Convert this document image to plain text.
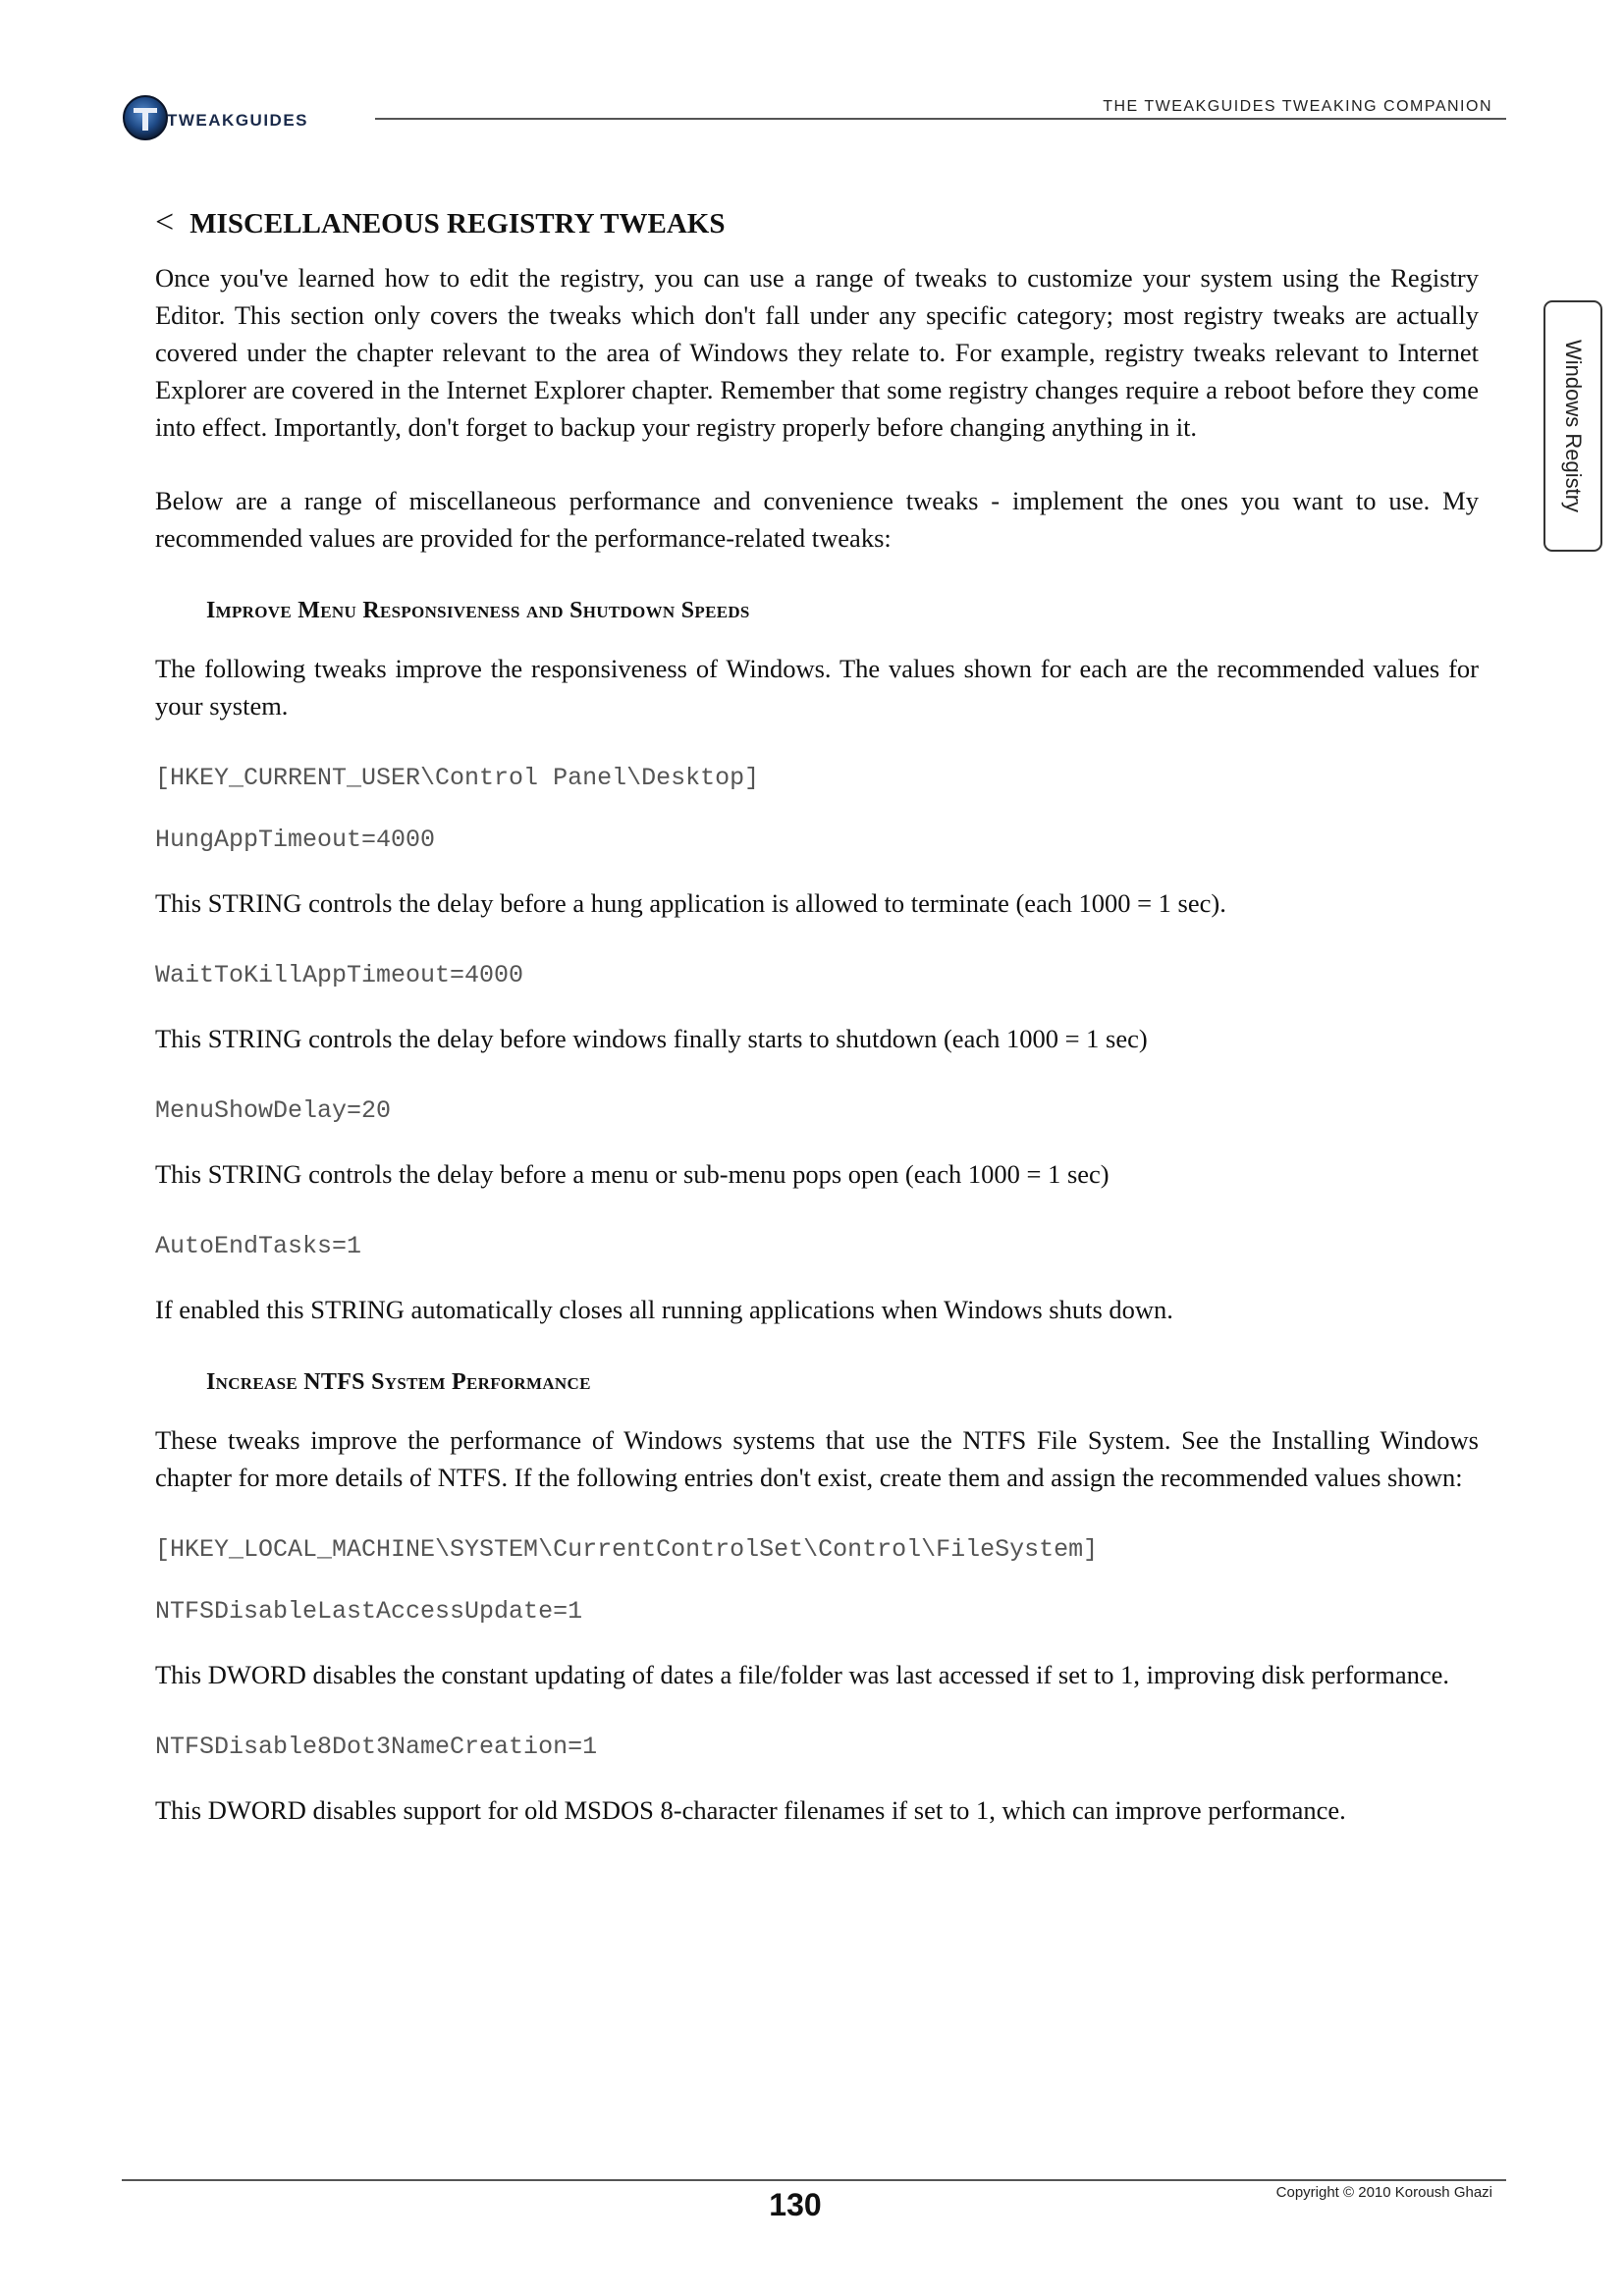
TWEAKGUIDES
THE TWEAKGUIDES TWEAKING COMPANION
Windows Registry
< MISCELLANEOUS REGISTRY TWEAKS

Once you've learned how to edit the registry, you can use a range of tweaks to customize your system using the Registry Editor. This section only covers the tweaks which don't fall under any specific category; most registry tweaks are actually covered under the chapter relevant to the area of Windows they relate to. For example, registry tweaks relevant to Internet Explorer are covered in the Internet Explorer chapter. Remember that some registry changes require a reboot before they come into effect. Importantly, don't forget to backup your registry properly before changing anything in it.

Below are a range of miscellaneous performance and convenience tweaks - implement the ones you want to use. My recommended values are provided for the performance-related tweaks:

Improve Menu Responsiveness and Shutdown Speeds

The following tweaks improve the responsiveness of Windows. The values shown for each are the recommended values for your system.

[HKEY_CURRENT_USER\Control Panel\Desktop]
HungAppTimeout=4000

This STRING controls the delay before a hung application is allowed to terminate (each 1000 = 1 sec).

WaitToKillAppTimeout=4000

This STRING controls the delay before windows finally starts to shutdown (each 1000 = 1 sec)

MenuShowDelay=20

This STRING controls the delay before a menu or sub-menu pops open (each 1000 = 1 sec)

AutoEndTasks=1

If enabled this STRING automatically closes all running applications when Windows shuts down.

Increase NTFS System Performance

These tweaks improve the performance of Windows systems that use the NTFS File System. See the Installing Windows chapter for more details of NTFS. If the following entries don't exist, create them and assign the recommended values shown:

[HKEY_LOCAL_MACHINE\SYSTEM\CurrentControlSet\Control\FileSystem]
NTFSDisableLastAccessUpdate=1

This DWORD disables the constant updating of dates a file/folder was last accessed if set to 1, improving disk performance.

NTFSDisable8Dot3NameCreation=1

This DWORD disables support for old MSDOS 8-character filenames if set to 1, which can improve performance.

Copyright © 2010 Koroush Ghazi
130
